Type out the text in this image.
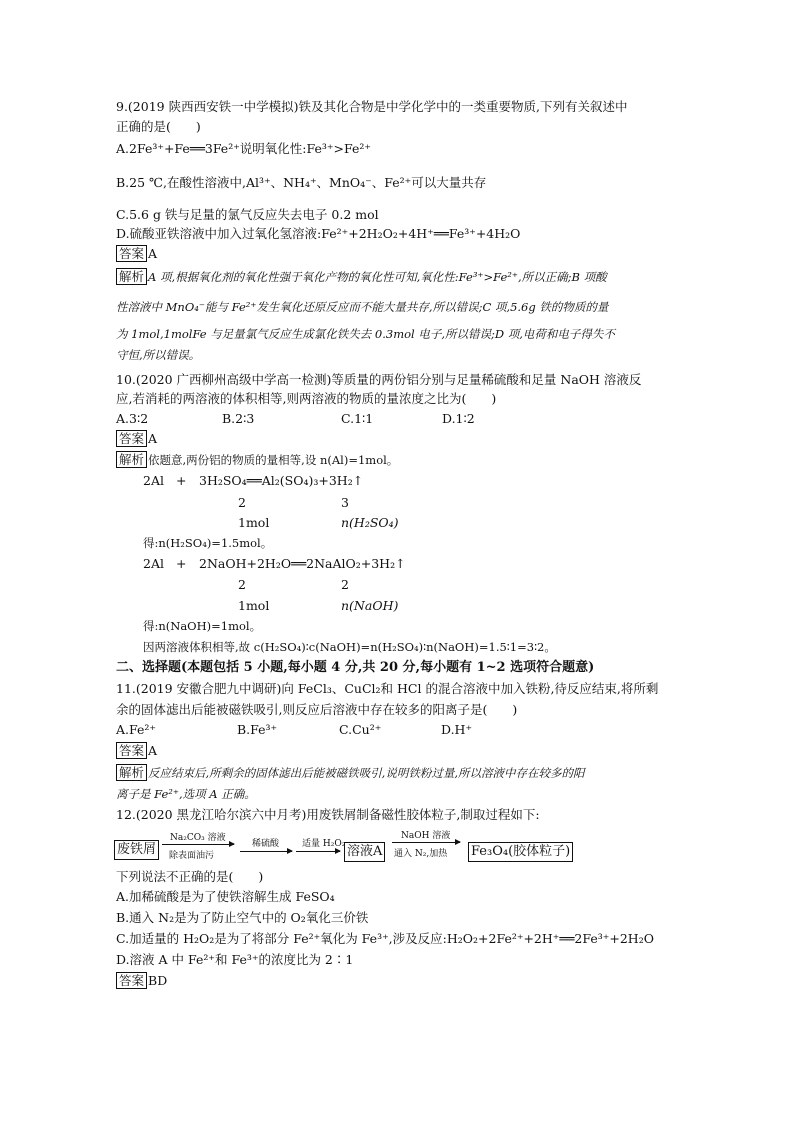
9.(2019 陕西西安铁一中学模拟)铁及其化合物是中学化学中的一类重要物质,下列有关叙述中
正确的是(　　)
A.2Fe³⁺+Fe══3Fe²⁺说明氧化性:Fe³⁺>Fe²⁺
B.25 ℃,在酸性溶液中,Al³⁺、NH₄⁺、MnO₄⁻、Fe²⁺可以大量共存
C.5.6 g 铁与足量的氯气反应失去电子 0.2 mol
D.硫酸亚铁溶液中加入过氧化氢溶液:Fe²⁺+2H₂O₂+4H⁺══Fe³⁺+4H₂O
答案 A
解析 A 项,根据氧化剂的氧化性强于氧化产物的氧化性可知,氧化性:Fe³⁺>Fe²⁺,所以正确;B 项酸
性溶液中 MnO₄⁻能与 Fe²⁺发生氧化还原反应而不能大量共存,所以错误;C 项,5.6g 铁的物质的量
为 1mol,1molFe 与足量氯气反应生成氯化铁失去 0.3mol 电子,所以错误;D 项,电荷和电子得失不
守恒,所以错误。
10.(2020 广西柳州高级中学高一检测)等质量的两份铝分别与足量稀硫酸和足量 NaOH 溶液反
应,若消耗的两溶液的体积相等,则两溶液的物质的量浓度之比为(　　)
A.3∶2	B.2∶3	C.1∶1	D.1∶2
答案 A
解析 依题意,两份铝的物质的量相等,设 n(Al)=1mol。
2Al + 3H₂SO₄══Al₂(SO₄)₃+3H₂↑
2	3
1mol	n(H₂SO₄)
得:n(H₂SO₄)=1.5mol。
2Al + 2NaOH+2H₂O══2NaAlO₂+3H₂↑
2	2
1mol	n(NaOH)
得:n(NaOH)=1mol。
因两溶液体积相等,故 c(H₂SO₄)∶c(NaOH)=n(H₂SO₄)∶n(NaOH)=1.5∶1=3∶2。
二、选择题(本题包括 5 小题,每小题 4 分,共 20 分,每小题有 1~2 选项符合题意)
11.(2019 安徽合肥九中调研)向 FeCl₃、CuCl₂和 HCl 的混合溶液中加入铁粉,待反应结束,将所剩
余的固体滤出后能被磁铁吸引,则反应后溶液中存在较多的阳离子是(　　)
A.Fe²⁺	B.Fe³⁺	C.Cu²⁺	D.H⁺
答案 A
解析 反应结束后,所剩余的固体滤出后能被磁铁吸引,说明铁粉过量,所以溶液中存在较多的阳
离子是 Fe²⁺,选项 A 正确。
12.(2020 黑龙江哈尔滨六中月考)用废铁屑制备磁性胶体粒子,制取过程如下:
废铁屑
Na₂CO₃ 溶液
除表面油污
稀硫酸	适量 H₂O₂ 溶液A
NaOH 溶液
通入 N₂,加热 Fe₃O₄(胶体粒子)
下列说法不正确的是(　　)
A.加稀硫酸是为了使铁溶解生成 FeSO₄
B.通入 N₂是为了防止空气中的 O₂氧化三价铁
C.加适量的 H₂O₂是为了将部分 Fe²⁺氧化为 Fe³⁺,涉及反应:H₂O₂+2Fe²⁺+2H⁺══2Fe³⁺+2H₂O
D.溶液 A 中 Fe²⁺和 Fe³⁺的浓度比为 2∶1
答案 BD
